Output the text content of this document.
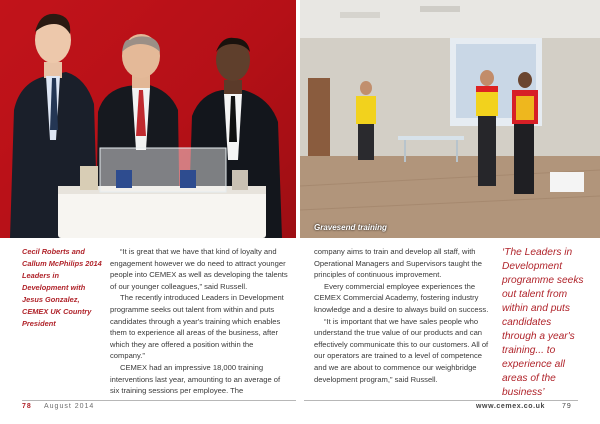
Gravesend training
Cecil Roberts and Callum McPhilips 2014 Leaders in Development with Jesus Gonzalez, CEMEX UK Country President

“It is great that we have that kind of loyalty and engagement however we do need to attract younger people into CEMEX as well as developing the talents of our younger colleagues,” said Russell.

The recently introduced Leaders in Development programme seeks out talent from within and puts candidates through a year's training which enables them to experience all areas of the business, after which they are offered a position within the company.”

CEMEX had an impressive 18,000 training interventions last year, amounting to an average of six training sessions per employee. The

company aims to train and develop all staff, with Operational Managers and Supervisors taught the principles of continuous improvement.

Every commercial employee experiences the CEMEX Commercial Academy, fostering industry knowledge and a desire to always build on success.

“It is important that we have sales people who understand the true value of our products and can effectively communicate this to our customers. All of our operators are trained to a level of competence and we are about to commence our weighbridge development program,” said Russell.

‘The Leaders in Development programme seeks out talent from within and puts candidates through a year's training... to experience all areas of the business’
78 August 2014	www.cemex.co.uk 79
